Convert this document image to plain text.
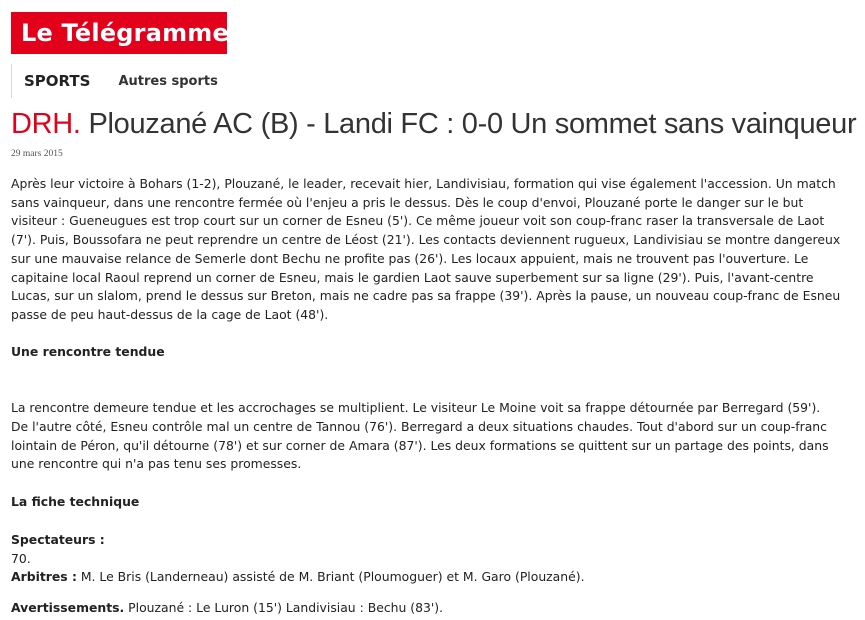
Le Télégramme
SPORTS	Autres sports
DRH. Plouzané AC (B) - Landi FC : 0-0 Un sommet sans vainqueur
29 mars 2015

Après leur victoire à Bohars (1-2), Plouzané, le leader, recevait hier, Landivisiau, formation qui vise également l'accession. Un match sans vainqueur, dans une rencontre fermée où l'enjeu a pris le dessus. Dès le coup d'envoi, Plouzané porte le danger sur le but visiteur : Gueneugues est trop court sur un corner de Esneu (5'). Ce même joueur voit son coup-franc raser la transversale de Laot (7'). Puis, Boussofara ne peut reprendre un centre de Léost (21'). Les contacts deviennent rugueux, Landivisiau se montre dangereux sur une mauvaise relance de Semerle dont Bechu ne profite pas (26'). Les locaux appuient, mais ne trouvent pas l'ouverture. Le capitaine local Raoul reprend un corner de Esneu, mais le gardien Laot sauve superbement sur sa ligne (29'). Puis, l'avant-centre Lucas, sur un slalom, prend le dessus sur Breton, mais ne cadre pas sa frappe (39'). Après la pause, un nouveau coup-franc de Esneu passe de peu haut-dessus de la cage de Laot (48').

Une rencontre tendue

La rencontre demeure tendue et les accrochages se multiplient. Le visiteur Le Moine voit sa frappe détournée par Berregard (59'). De l'autre côté, Esneu contrôle mal un centre de Tannou (76'). Berregard a deux situations chaudes. Tout d'abord sur un coup-franc lointain de Péron, qu'il détourne (78') et sur corner de Amara (87'). Les deux formations se quittent sur un partage des points, dans une rencontre qui n'a pas tenu ses promesses.

La fiche technique

Spectateurs :
70.
Arbitres : M. Le Bris (Landerneau) assisté de M. Briant (Ploumoguer) et M. Garo (Plouzané).

Avertissements. Plouzané : Le Luron (15') Landivisiau : Bechu (83').
